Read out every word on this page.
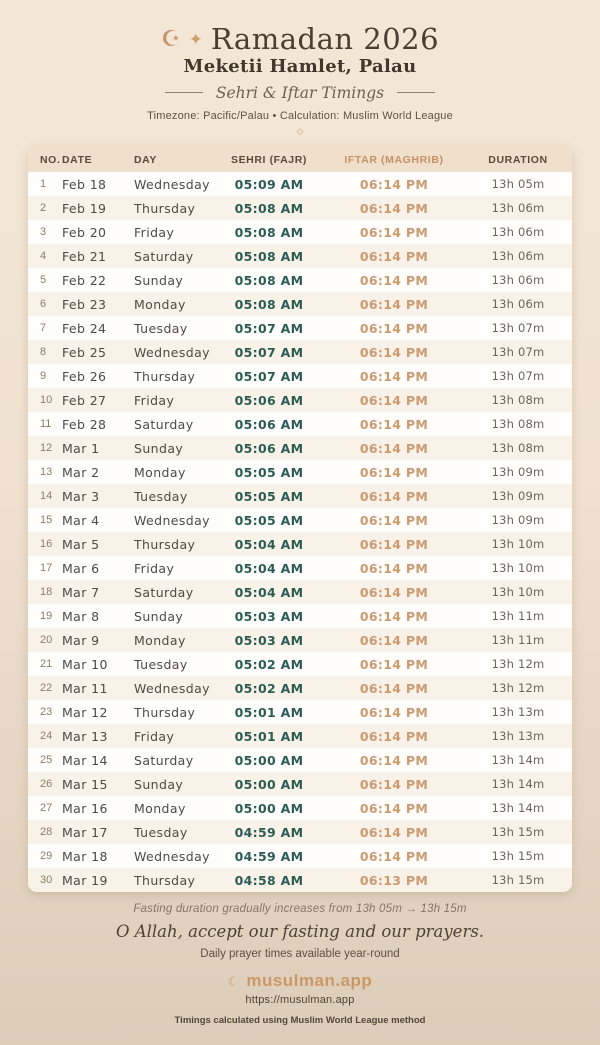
☪ ✦ Ramadan 2026
Meketii Hamlet, Palau
Sehri & Iftar Timings
Timezone: Pacific/Palau • Calculation: Muslim World League
◇
NO. DATE	DAY	SEHRI (FAJR)	IFTAR (MAGHRIB)	DURATION
1	Feb 18	Wednesday	05:09 AM	06:14 PM	13h 05m
2	Feb 19	Thursday	05:08 AM	06:14 PM	13h 06m
3	Feb 20	Friday	05:08 AM	06:14 PM	13h 06m
4	Feb 21	Saturday	05:08 AM	06:14 PM	13h 06m
5	Feb 22	Sunday	05:08 AM	06:14 PM	13h 06m
6	Feb 23	Monday	05:08 AM	06:14 PM	13h 06m
7	Feb 24	Tuesday	05:07 AM	06:14 PM	13h 07m
8	Feb 25	Wednesday	05:07 AM	06:14 PM	13h 07m
9	Feb 26	Thursday	05:07 AM	06:14 PM	13h 07m
10 Feb 27	Friday	05:06 AM	06:14 PM	13h 08m
11 Feb 28	Saturday	05:06 AM	06:14 PM	13h 08m
12 Mar 1	Sunday	05:06 AM	06:14 PM	13h 08m
13 Mar 2	Monday	05:05 AM	06:14 PM	13h 09m
14 Mar 3	Tuesday	05:05 AM	06:14 PM	13h 09m
15 Mar 4	Wednesday	05:05 AM	06:14 PM	13h 09m
16 Mar 5	Thursday	05:04 AM	06:14 PM	13h 10m
17 Mar 6	Friday	05:04 AM	06:14 PM	13h 10m
18 Mar 7	Saturday	05:04 AM	06:14 PM	13h 10m
19 Mar 8	Sunday	05:03 AM	06:14 PM	13h 11m
20 Mar 9	Monday	05:03 AM	06:14 PM	13h 11m
21 Mar 10	Tuesday	05:02 AM	06:14 PM	13h 12m
22 Mar 11	Wednesday	05:02 AM	06:14 PM	13h 12m
23 Mar 12	Thursday	05:01 AM	06:14 PM	13h 13m
24 Mar 13	Friday	05:01 AM	06:14 PM	13h 13m
25 Mar 14	Saturday	05:00 AM	06:14 PM	13h 14m
26 Mar 15	Sunday	05:00 AM	06:14 PM	13h 14m
27 Mar 16	Monday	05:00 AM	06:14 PM	13h 14m
28 Mar 17	Tuesday	04:59 AM	06:14 PM	13h 15m
29 Mar 18	Wednesday	04:59 AM	06:14 PM	13h 15m
30 Mar 19	Thursday	04:58 AM	06:13 PM	13h 15m
Fasting duration gradually increases from 13h 05m → 13h 15m
O Allah, accept our fasting and our prayers.
Daily prayer times available year-round
☾ musulman.app
https://musulman.app
Timings calculated using Muslim World League method
